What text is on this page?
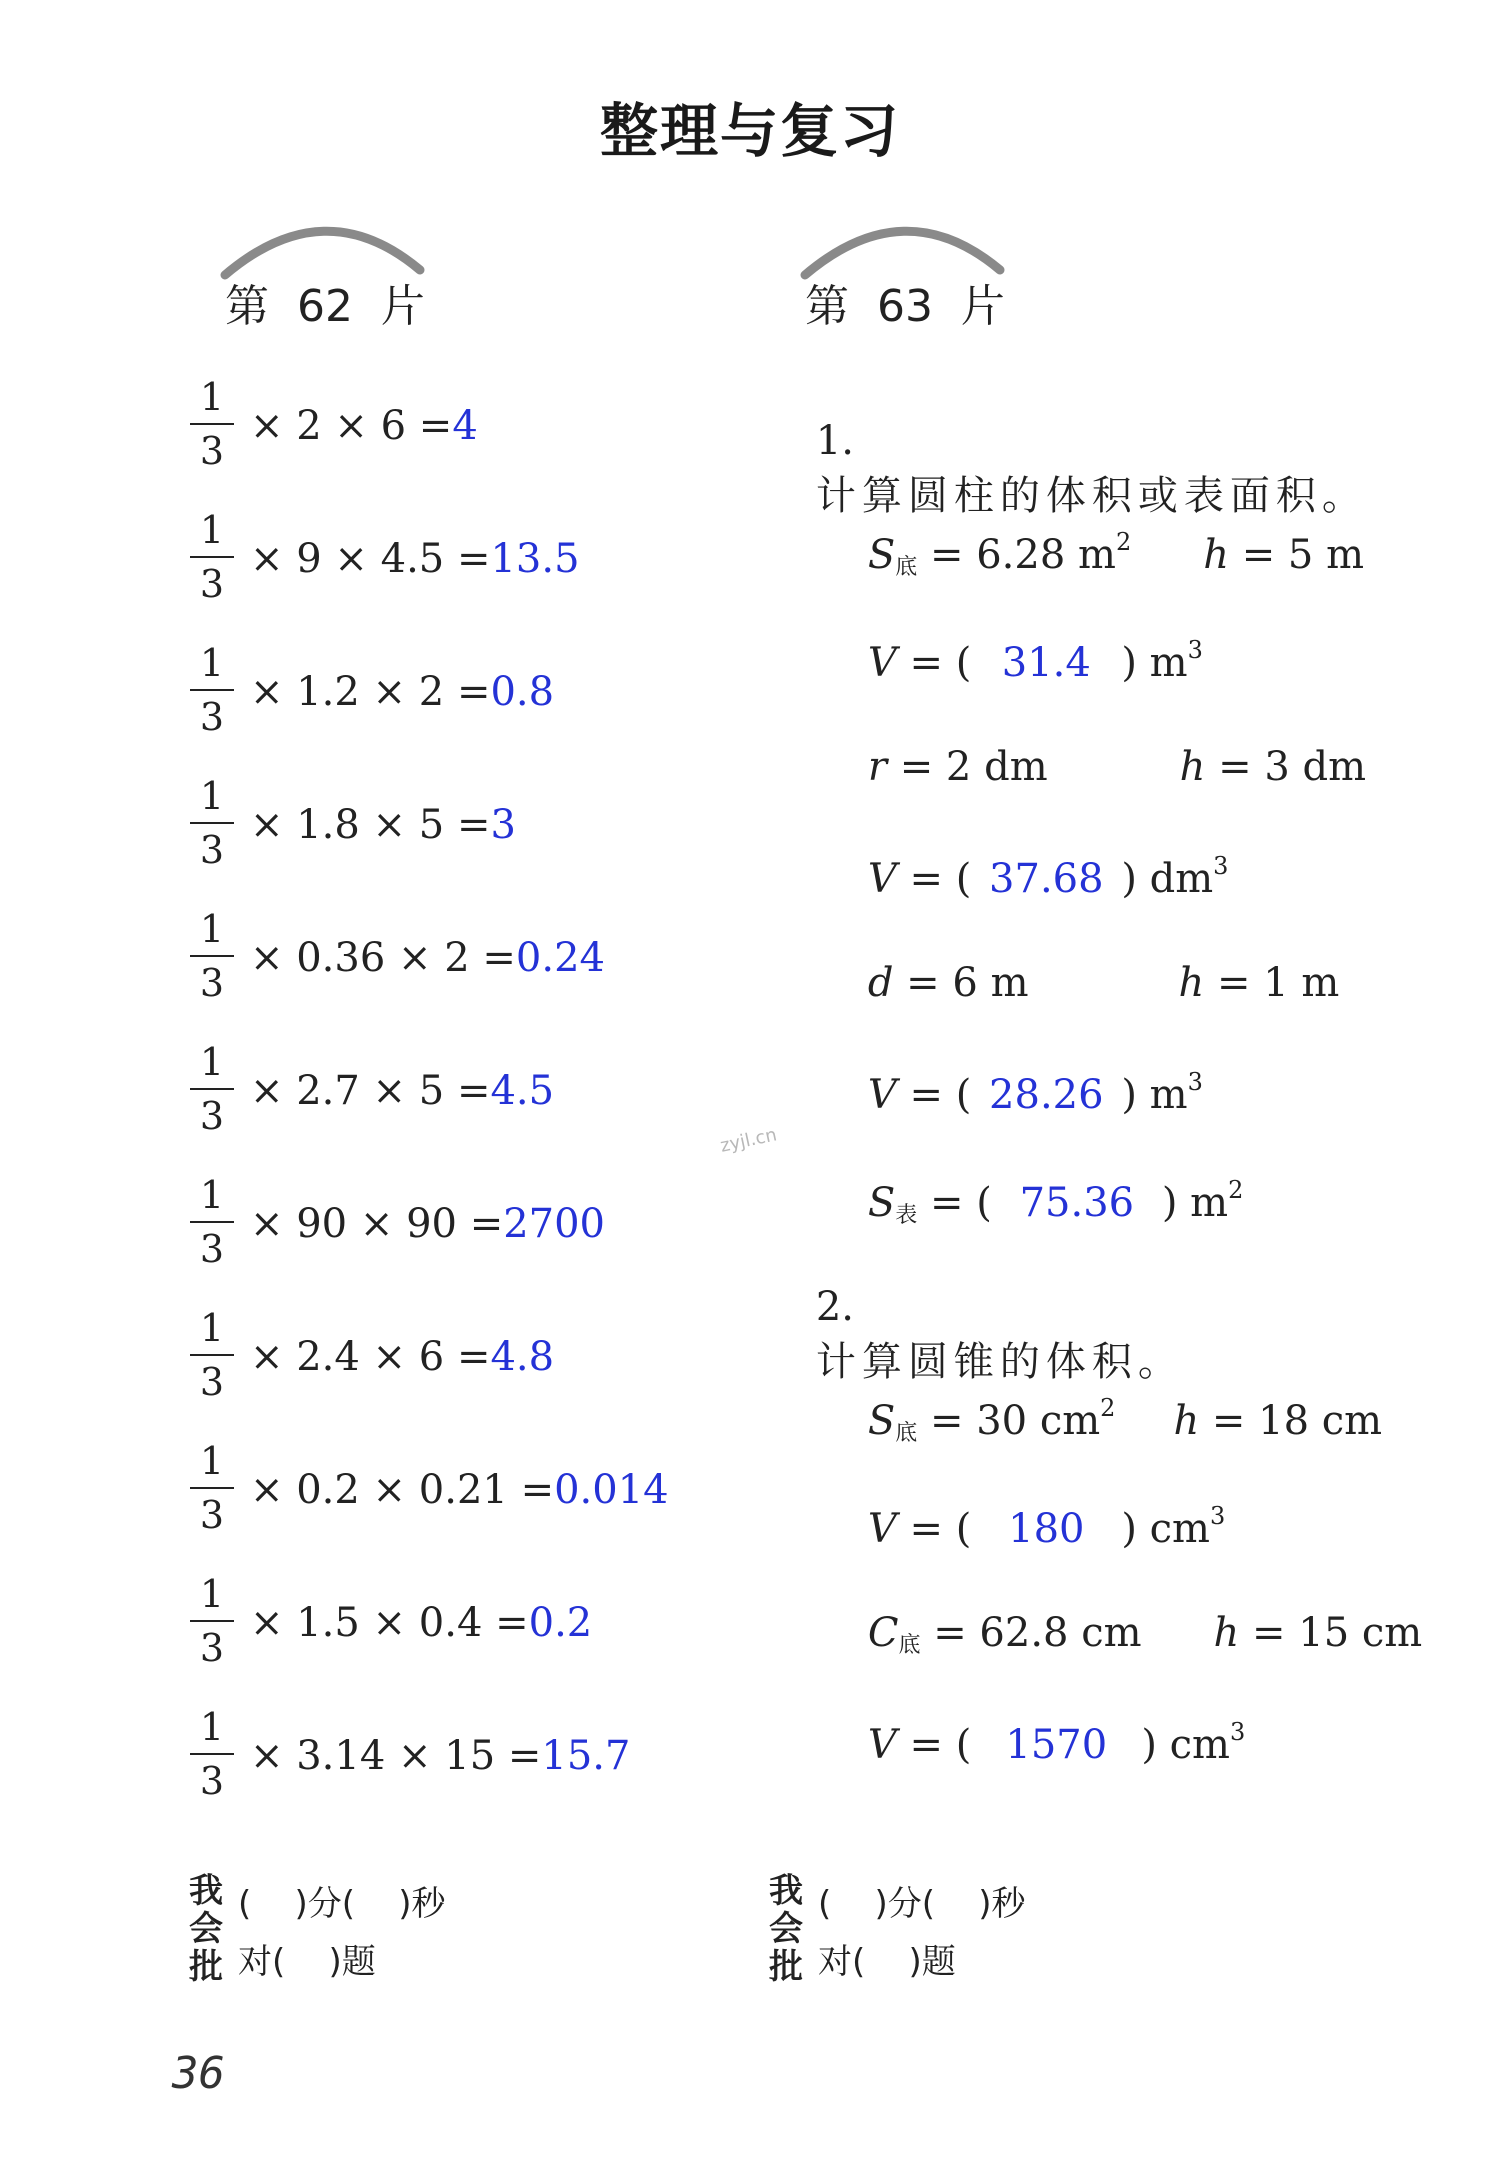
整理与复习
第  62  片	第  63  片
1
3
× 2 × 6 =4
1
3
× 9 × 4.5 =13.5
1
3
× 1.2 × 2 =0.8
1
3
× 1.8 × 5 =3
1
3
× 0.36 × 2 =0.24
1
3
× 2.7 × 5 =4.5
1
3
× 90 × 90 =2700
1
3
× 2.4 × 6 =4.8
1
3
× 0.2 × 0.21 =0.014
1
3
× 1.5 × 0.4 =0.2
1
3
× 3.14 × 15 =15.7

1.
计算圆柱的体积或表面积。

$S_底 = 6.28$ $m^2$ h = 5 m

V = ( 31.4 ) $m^3$

r = 2 dm	h = 3 dm

V = ( 37.68 ) $dm^3$

d = 6 m	h = 1 m

V = ( 28.26 ) $m^3$

$S_表$ = ( 75.36 ) $m^2$

2.
计算圆锥的体积。

$S_底 = 30$ $cm^2$ h = 18 cm

V = ( 180 ) $cm^3$

$C_底 = 62.8$ cm h = 15 cm

V = ( 1570 ) $cm^3$

zyjl.cn
我
会
批
(    )分(    )秒
对(    )题
我
会
批
(    )分(    )秒
对(    )题
36
